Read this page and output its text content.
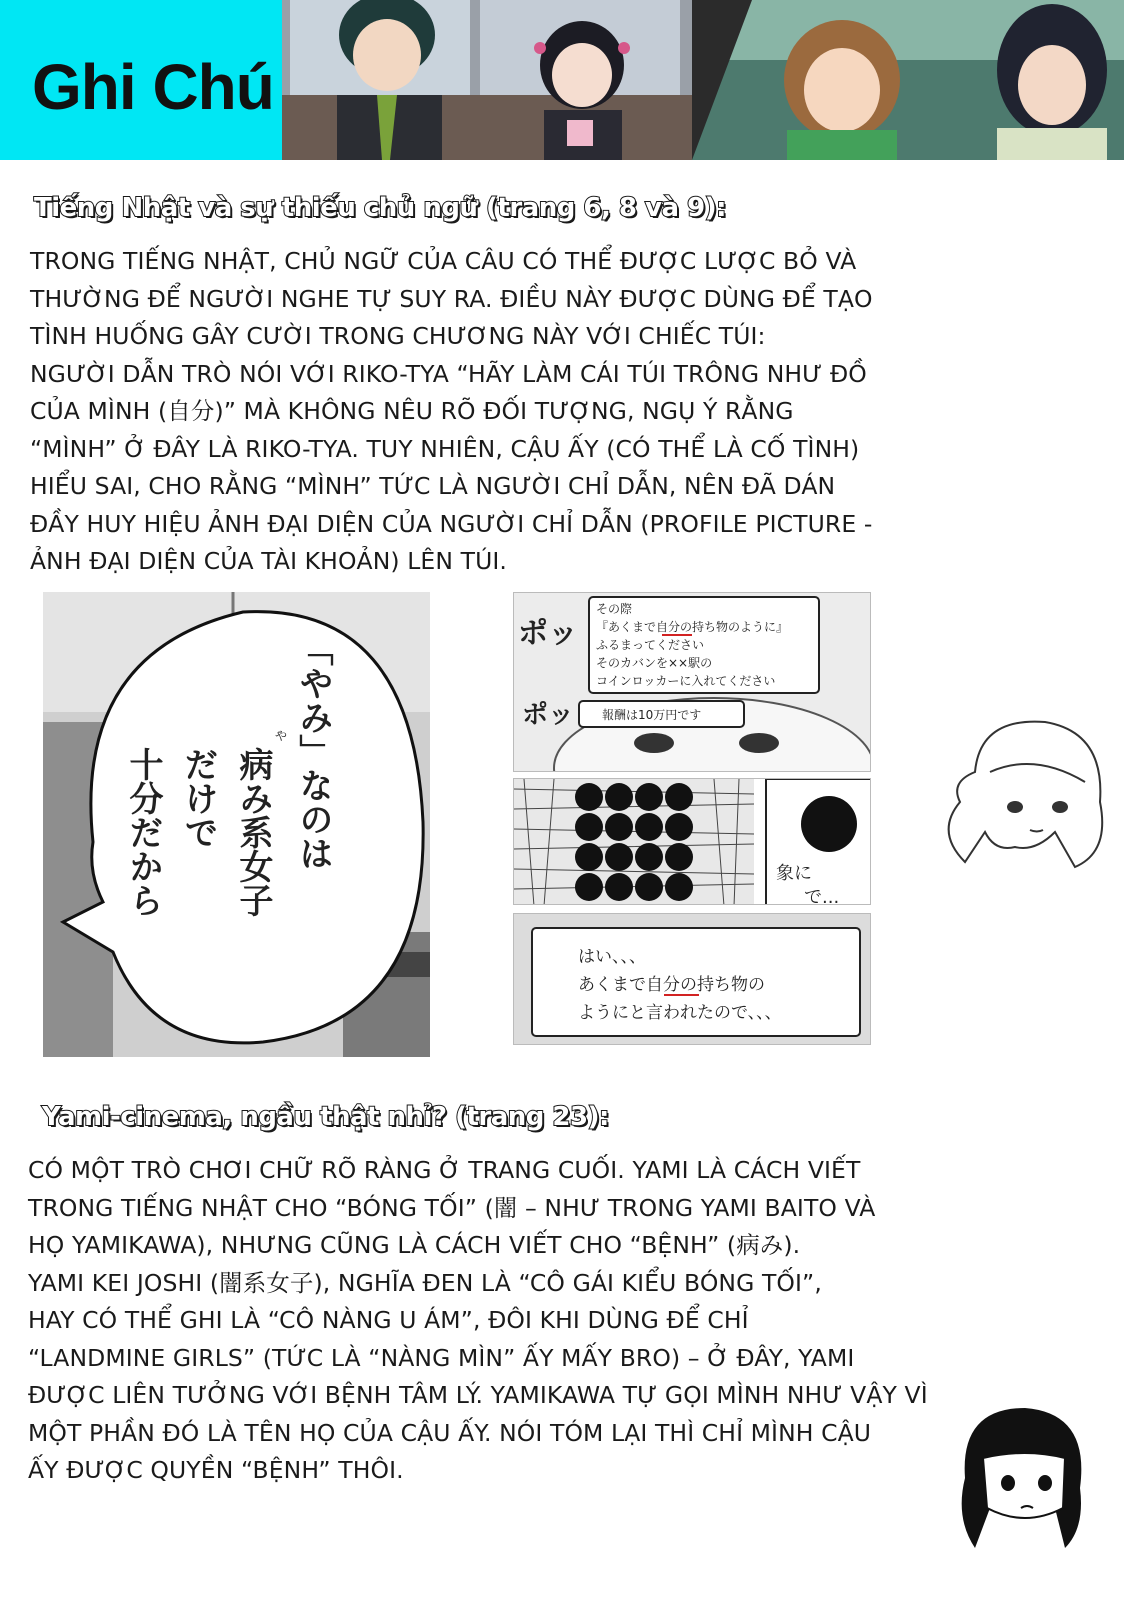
Ghi Chú
Tiếng Nhật và sự thiếu chủ ngữ (trang 6, 8 và 9):
TRONG TIẾNG NHẬT, CHỦ NGỮ CỦA CÂU CÓ THỂ ĐƯỢC LƯỢC BỎ VÀ
THƯỜNG ĐỂ NGƯỜI NGHE TỰ SUY RA. ĐIỀU NÀY ĐƯỢC DÙNG ĐỂ TẠO
TÌNH HUỐNG GÂY CƯỜI TRONG CHƯƠNG NÀY VỚI CHIẾC TÚI:
NGƯỜI DẪN TRÒ NÓI VỚI RIKO-TYA “HÃY LÀM CÁI TÚI TRÔNG NHƯ ĐỒ
CỦA MÌNH (自分)” MÀ KHÔNG NÊU RÕ ĐỐI TƯỢNG, NGỤ Ý RẰNG
“MÌNH” Ở ĐÂY LÀ RIKO-TYA. TUY NHIÊN, CẬU ẤY (CÓ THỂ LÀ CỐ TÌNH)
HIỂU SAI, CHO RẰNG “MÌNH” TỨC LÀ NGƯỜI CHỈ DẪN, NÊN ĐÃ DÁN
ĐẦY HUY HIỆU ẢNH ĐẠI DIỆN CỦA NGƯỜI CHỈ DẪN (PROFILE PICTURE -
ẢNH ĐẠI DIỆN CỦA TÀI KHOẢN) LÊN TÚI.
「やみ」なのは
病み系女子
だけで
十分だから
や
その際
『あくまで自分の持ち物のように』
ふるまってください
そのカバンを××駅の
コインロッカーに入れてください
報酬は10万円です
ポッ
ポッ
象に
で...
はい、、、
あくまで自分の持ち物の
ようにと言われたので、、、
Yami-cinema, ngầu thật nhỉ? (trang 23):
CÓ MỘT TRÒ CHƠI CHỮ RÕ RÀNG Ở TRANG CUỐI. YAMI LÀ CÁCH VIẾT
TRONG TIẾNG NHẬT CHO “BÓNG TỐI” (闇 – NHƯ TRONG YAMI BAITO VÀ
HỌ YAMIKAWA), NHƯNG CŨNG LÀ CÁCH VIẾT CHO “BỆNH” (病み).
YAMI KEI JOSHI (闇系女子), NGHĨA ĐEN LÀ “CÔ GÁI KIỂU BÓNG TỐI”,
HAY CÓ THỂ GHI LÀ “CÔ NÀNG U ÁM”, ĐÔI KHI DÙNG ĐỂ CHỈ
“LANDMINE GIRLS” (TỨC LÀ “NÀNG MÌN” ẤY MẤY BRO) – Ở ĐÂY, YAMI
ĐƯỢC LIÊN TƯỞNG VỚI BỆNH TÂM LÝ. YAMIKAWA TỰ GỌI MÌNH NHƯ VẬY VÌ
MỘT PHẦN ĐÓ LÀ TÊN HỌ CỦA CẬU ẤY. NÓI TÓM LẠI THÌ CHỈ MÌNH CẬU
ẤY ĐƯỢC QUYỀN “BỆNH” THÔI.
